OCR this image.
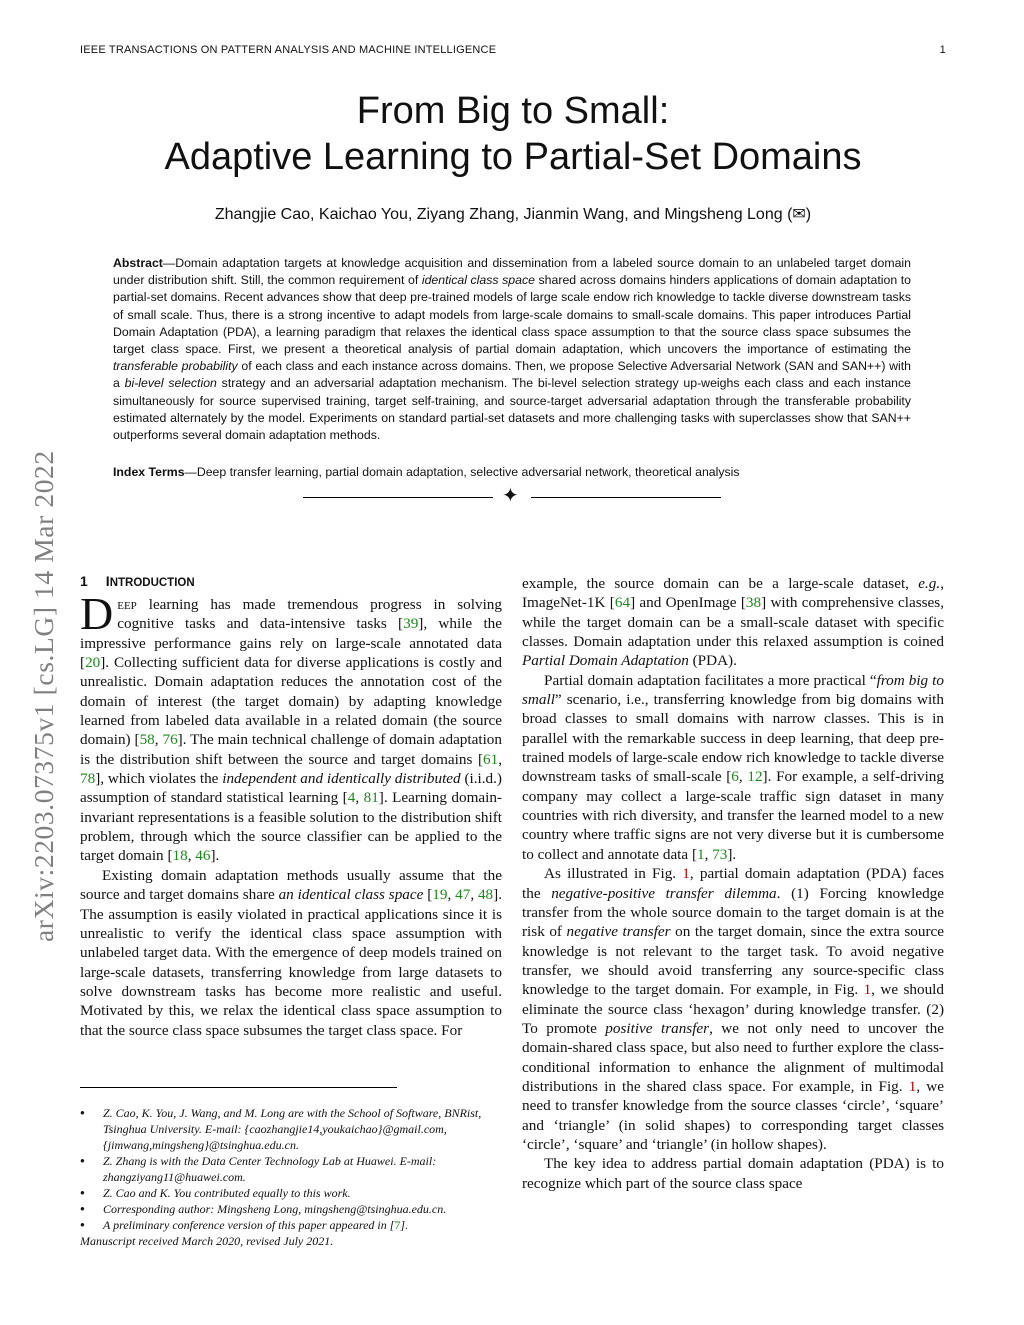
IEEE TRANSACTIONS ON PATTERN ANALYSIS AND MACHINE INTELLIGENCE	1
From Big to Small:
Adaptive Learning to Partial-Set Domains
Zhangjie Cao, Kaichao You, Ziyang Zhang, Jianmin Wang, and Mingsheng Long (✉)

Abstract—Domain adaptation targets at knowledge acquisition and dissemination from a labeled source domain to an unlabeled target domain under distribution shift. Still, the common requirement of identical class space shared across domains hinders applications of domain adaptation to partial-set domains. Recent advances show that deep pre-trained models of large scale endow rich knowledge to tackle diverse downstream tasks of small scale. Thus, there is a strong incentive to adapt models from large-scale domains to small-scale domains. This paper introduces Partial Domain Adaptation (PDA), a learning paradigm that relaxes the identical class space assumption to that the source class space subsumes the target class space. First, we present a theoretical analysis of partial domain adaptation, which uncovers the importance of estimating the transferable probability of each class and each instance across domains. Then, we propose Selective Adversarial Network (SAN and SAN++) with a bi-level selection strategy and an adversarial adaptation mechanism. The bi-level selection strategy up-weighs each class and each instance simultaneously for source supervised training, target self-training, and source-target adversarial adaptation through the transferable probability estimated alternately by the model. Experiments on standard partial-set datasets and more challenging tasks with superclasses show that SAN++ outperforms several domain adaptation methods.

Index Terms—Deep transfer learning, partial domain adaptation, selective adversarial network, theoretical analysis

✦
arXiv:2203.07375v1 [cs.LG] 14 Mar 2022 1 INTRODUCTION

Deep learning has made tremendous progress in solving cognitive tasks and data-intensive tasks [39], while the impressive performance gains rely on large-scale annotated data [20]. Collecting sufficient data for diverse applications is costly and unrealistic. Domain adaptation reduces the annotation cost of the domain of interest (the target domain) by adapting knowledge learned from labeled data available in a related domain (the source domain) [58, 76]. The main technical challenge of domain adaptation is the distribution shift between the source and target domains [61, 78], which violates the independent and identically distributed (i.i.d.) assumption of standard statistical learning [4, 81]. Learning domain-invariant representations is a feasible solution to the distribution shift problem, through which the source classifier can be applied to the target domain [18, 46].

Existing domain adaptation methods usually assume that the source and target domains share an identical class space [19, 47, 48]. The assumption is easily violated in practical applications since it is unrealistic to verify the identical class space assumption with unlabeled target data. With the emergence of deep models trained on large-scale datasets, transferring knowledge from large datasets to solve downstream tasks has become more realistic and useful. Motivated by this, we relax the identical class space assumption to that the source class space subsumes the target class space. For

● Z. Cao, K. You, J. Wang, and M. Long are with the School of Software, BNRist, Tsinghua University. E-mail: {caozhangjie14,youkaichao}@gmail.com, {jimwang,mingsheng}@tsinghua.edu.cn.
● Z. Zhang is with the Data Center Technology Lab at Huawei. E-mail: zhangziyang11@huawei.com.
● Z. Cao and K. You contributed equally to this work.
● Corresponding author: Mingsheng Long, mingsheng@tsinghua.edu.cn.
● A preliminary conference version of this paper appeared in [7].
Manuscript received March 2020, revised July 2021.

example, the source domain can be a large-scale dataset, e.g., ImageNet-1K [64] and OpenImage [38] with comprehensive classes, while the target domain can be a small-scale dataset with specific classes. Domain adaptation under this relaxed assumption is coined Partial Domain Adaptation (PDA).

Partial domain adaptation facilitates a more practical “from big to small” scenario, i.e., transferring knowledge from big domains with broad classes to small domains with narrow classes. This is in parallel with the remarkable success in deep learning, that deep pre-trained models of large-scale endow rich knowledge to tackle diverse downstream tasks of small-scale [6, 12]. For example, a self-driving company may collect a large-scale traffic sign dataset in many countries with rich diversity, and transfer the learned model to a new country where traffic signs are not very diverse but it is cumbersome to collect and annotate data [1, 73].

As illustrated in Fig. 1, partial domain adaptation (PDA) faces the negative-positive transfer dilemma. (1) Forcing knowledge transfer from the whole source domain to the target domain is at the risk of negative transfer on the target domain, since the extra source knowledge is not relevant to the target task. To avoid negative transfer, we should avoid transferring any source-specific class knowledge to the target domain. For example, in Fig. 1, we should eliminate the source class ‘hexagon’ during knowledge transfer. (2) To promote positive transfer, we not only need to uncover the domain-shared class space, but also need to further explore the class-conditional information to enhance the alignment of multimodal distributions in the shared class space. For example, in Fig. 1, we need to transfer knowledge from the source classes ‘circle’, ‘square’ and ‘triangle’ (in solid shapes) to corresponding target classes ‘circle’, ‘square’ and ‘triangle’ (in hollow shapes).

The key idea to address partial domain adaptation (PDA) is to recognize which part of the source class space
